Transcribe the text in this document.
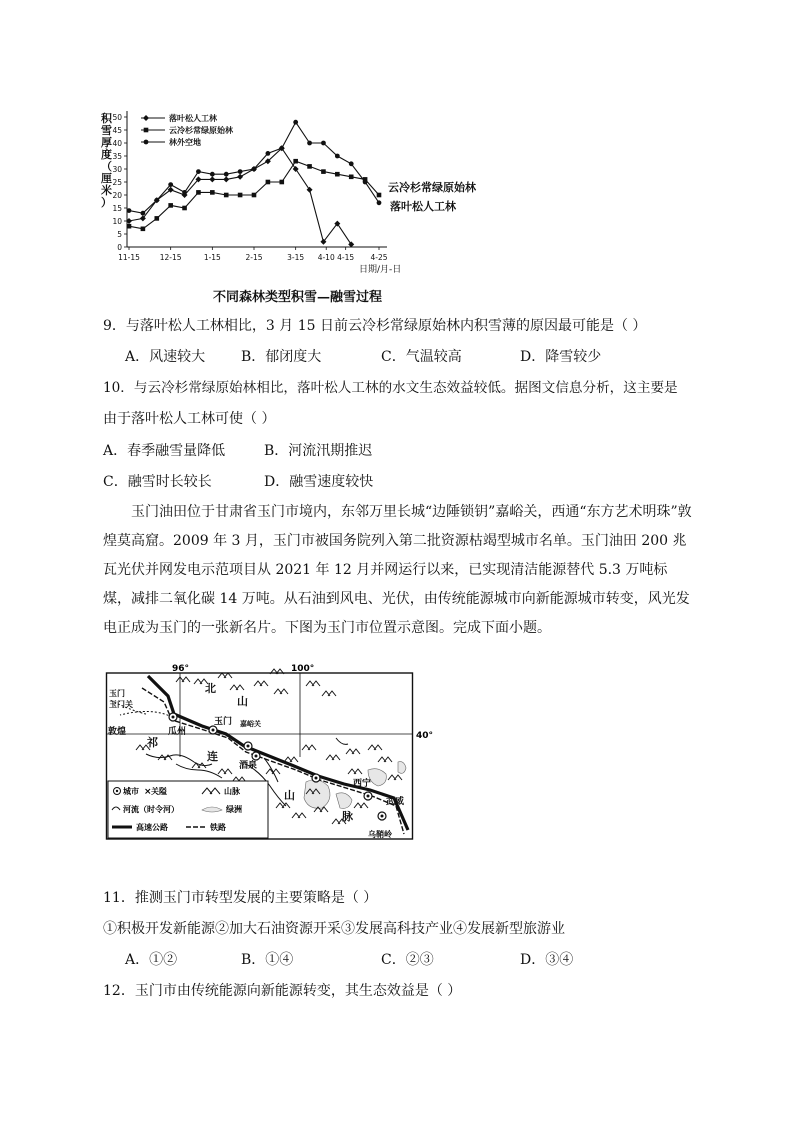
积
雪
厚
度
（
厘
米
）
0
5
10
15
20
25
30
35
40
45
50
11-15	12-15	1-15	2-15	3-15 4-10 4-15 4-25
落叶松人工林
云冷杉常绿原始林
林外空地
云冷杉常绿原始林
落叶松人工林
日期/月-日
不同森林类型积雪—融雪过程
9．与落叶松人工林相比，3 月 15 日前云冷杉常绿原始林内积雪薄的原因最可能是（ ）
A．风速较大	B．郁闭度大	C．气温较高	D．降雪较少
10．与云冷杉常绿原始林相比，落叶松人工林的水文生态效益较低。据图文信息分析，这主要是
由于落叶松人工林可使（ ）
A．春季融雪量降低	B．河流汛期推迟
C．融雪时长较长	D．融雪速度较快
玉门油田位于甘肃省玉门市境内，东邻万里长城“边陲锁钥”嘉峪关，西通“东方艺术明珠”敦煌莫高窟。2009 年 3 月，玉门市被国务院列入第二批资源枯竭型城市名单。玉门油田 200 兆瓦光伏并网发电示范项目从 2021 年 12 月并网运行以来，已实现清洁能源替代 5.3 万吨标煤，减排二氧化碳 14 万吨。从石油到风电、光伏，由传统能源城市向新能源城市转变，风光发电正成为玉门的一张新名片。下图为玉门市位置示意图。完成下面小题。
96°	100°
40°
玉门
玉门关
敦煌	瓜州
玉门 嘉峪关
酒泉
西宁
武威
乌鞘岭
北
山
祁
连
山
脉
城市 × 关隘	山脉
河流（时令河）	绿洲
高速公路	铁路
11．推测玉门市转型发展的主要策略是（ ）
①积极开发新能源②加大石油资源开采③发展高科技产业④发展新型旅游业
A．①②	B．①④	C．②③	D．③④
12．玉门市由传统能源向新能源转变，其生态效益是（ ）
